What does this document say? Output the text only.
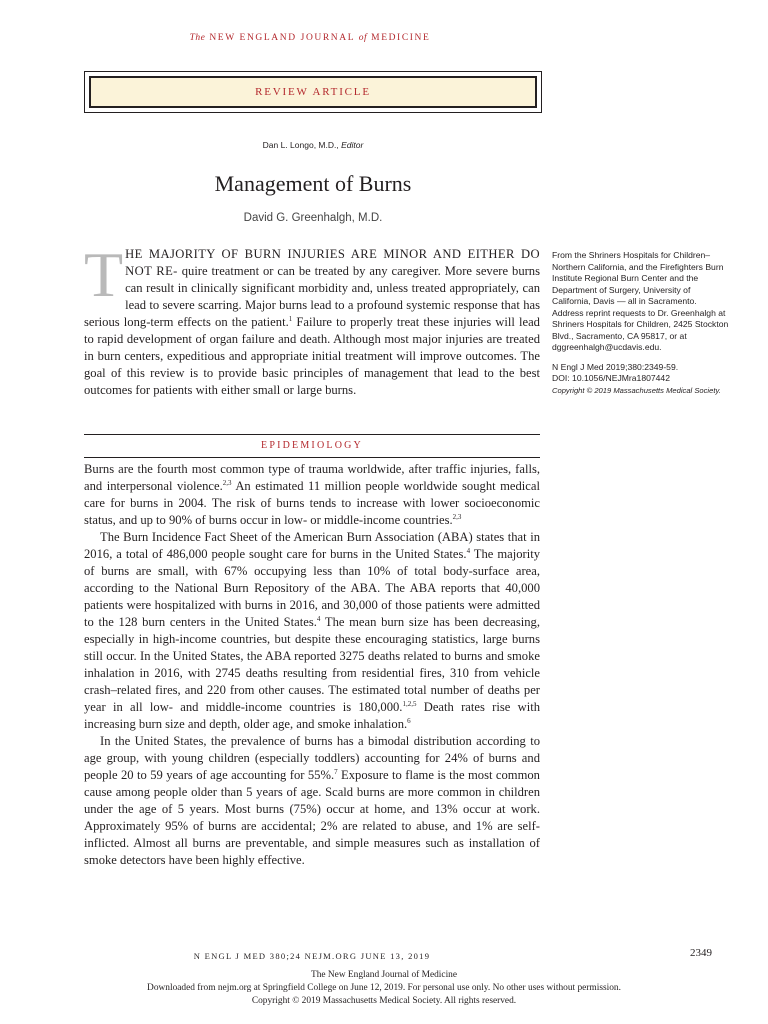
The NEW ENGLAND JOURNAL of MEDICINE
REVIEW ARTICLE
Dan L. Longo, M.D., Editor
Management of Burns
David G. Greenhalgh, M.D.
THE MAJORITY OF BURN INJURIES ARE MINOR AND EITHER DO NOT RE- quire treatment or can be treated by any caregiver. More severe burns can result in clinically significant morbidity and, unless treated appropriately, can lead to severe scarring. Major burns lead to a profound systemic response that has serious long-term effects on the patient.$^1$ Failure to properly treat these injuries will lead to rapid development of organ failure and death. Although most major injuries are treated in burn centers, expeditious and appropriate initial treatment will improve outcomes. The goal of this review is to provide basic principles of management that lead to the best outcomes for patients with either small or large burns.
From the Shriners Hospitals for Children–Northern California, and the Firefighters Burn Institute Regional Burn Center and the Department of Surgery, University of California, Davis — all in Sacramento. Address reprint requests to Dr. Greenhalgh at Shriners Hospitals for Children, 2425 Stockton Blvd., Sacramento, CA 95817, or at dggreenhalgh@ucdavis.edu.
N Engl J Med 2019;380:2349-59.
DOI: 10.1056/NEJMra1807442
Copyright © 2019 Massachusetts Medical Society.
EPIDEMIOLOGY

Burns are the fourth most common type of trauma worldwide, after traffic injuries, falls, and interpersonal violence.$^{2,3}$ An estimated 11 million people worldwide sought medical care for burns in 2004. The risk of burns tends to increase with lower socioeconomic status, and up to 90% of burns occur in low- or middle-income countries.$^{2,3}$

The Burn Incidence Fact Sheet of the American Burn Association (ABA) states that in 2016, a total of 486,000 people sought care for burns in the United States.$^4$ The majority of burns are small, with 67% occupying less than 10% of total body-surface area, according to the National Burn Repository of the ABA. The ABA reports that 40,000 patients were hospitalized with burns in 2016, and 30,000 of those patients were admitted to the 128 burn centers in the United States.$^4$ The mean burn size has been decreasing, especially in high-income countries, but despite these encouraging statistics, large burns still occur. In the United States, the ABA reported 3275 deaths related to burns and smoke inhalation in 2016, with 2745 deaths resulting from residential fires, 310 from vehicle crash–related fires, and 220 from other causes. The estimated total number of deaths per year in all low- and middle-income countries is 180,000.$^{1,2,5}$ Death rates rise with increasing burn size and depth, older age, and smoke inhalation.$^6$

In the United States, the prevalence of burns has a bimodal distribution according to age group, with young children (especially toddlers) accounting for 24% of burns and people 20 to 59 years of age accounting for 55%.$^7$ Exposure to flame is the most common cause among people older than 5 years of age. Scald burns are more common in children under the age of 5 years. Most burns (75%) occur at home, and 13% occur at work. Approximately 95% of burns are accidental; 2% are related to abuse, and 1% are self-inflicted. Almost all burns are preventable, and simple measures such as installation of smoke detectors have been highly effective.

N ENGL J MED 380;24 NEJM.ORG JUNE 13, 2019	2349
The New England Journal of Medicine
Downloaded from nejm.org at Springfield College on June 12, 2019. For personal use only. No other uses without permission.
Copyright © 2019 Massachusetts Medical Society. All rights reserved.
